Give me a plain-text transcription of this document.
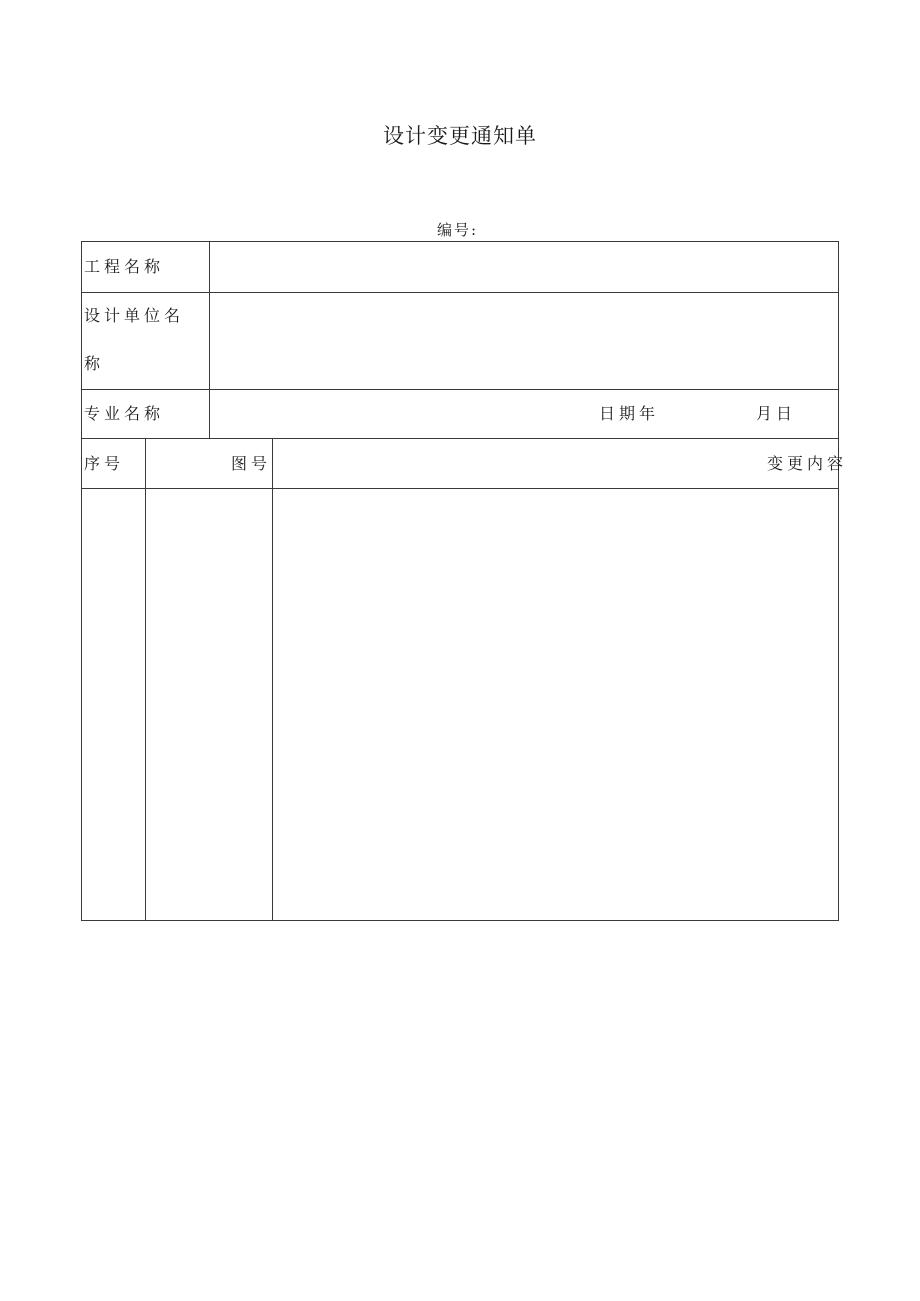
设计变更通知单
编号:
工程名称
设计单位名
称
专业名称	日期年	月日
序号	图号	变更内容
